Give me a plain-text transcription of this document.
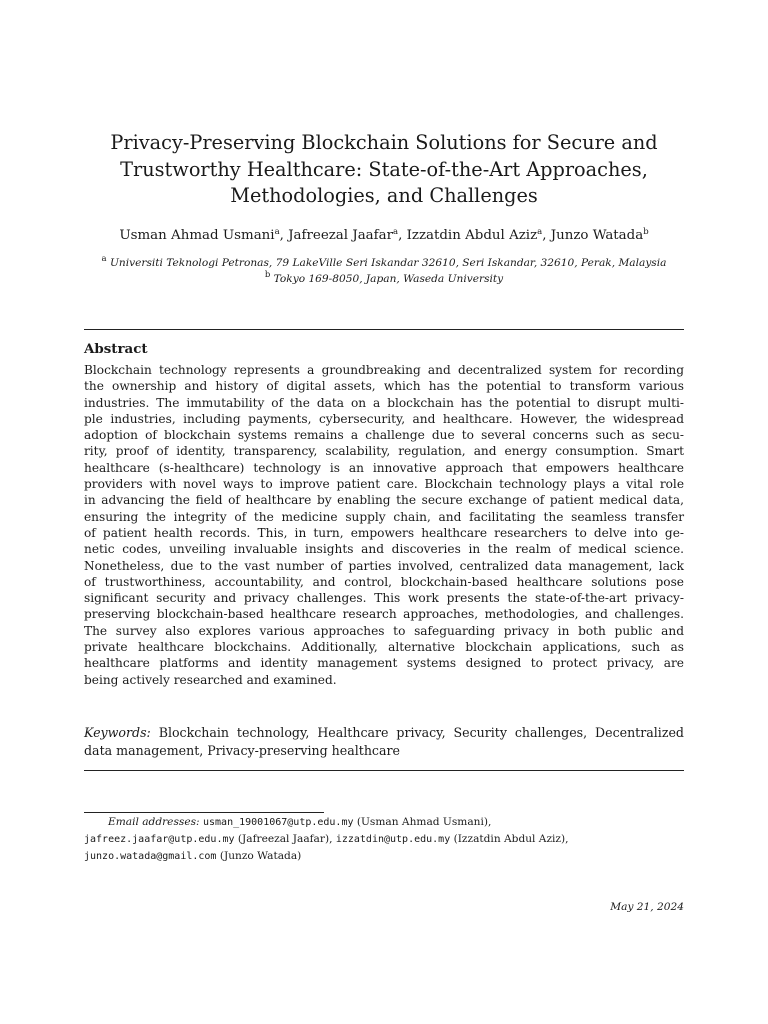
Privacy-Preserving Blockchain Solutions for Secure and
Trustworthy Healthcare: State-of-the-Art Approaches,
Methodologies, and Challenges
Usman Ahmad Usmani$^a$, Jafreezal Jaafar$^a$, Izzatdin Abdul Aziz$^a$, Junzo Watada$^b$
$^a$ Universiti Teknologi Petronas, 79 LakeVille Seri Iskandar 32610, Seri Iskandar, 32610, Perak, Malaysia
$^b$ Tokyo 169-8050, Japan, Waseda University
Abstract
Blockchain technology represents a groundbreaking and decentralized system for recording
the ownership and history of digital assets, which has the potential to transform various
industries. The immutability of the data on a blockchain has the potential to disrupt multi-
ple industries, including payments, cybersecurity, and healthcare. However, the widespread
adoption of blockchain systems remains a challenge due to several concerns such as secu-
rity, proof of identity, transparency, scalability, regulation, and energy consumption. Smart
healthcare (s-healthcare) technology is an innovative approach that empowers healthcare
providers with novel ways to improve patient care. Blockchain technology plays a vital role
in advancing the field of healthcare by enabling the secure exchange of patient medical data,
ensuring the integrity of the medicine supply chain, and facilitating the seamless transfer
of patient health records. This, in turn, empowers healthcare researchers to delve into ge-
netic codes, unveiling invaluable insights and discoveries in the realm of medical science.
Nonetheless, due to the vast number of parties involved, centralized data management, lack
of trustworthiness, accountability, and control, blockchain-based healthcare solutions pose
significant security and privacy challenges. This work presents the state-of-the-art privacy-
preserving blockchain-based healthcare research approaches, methodologies, and challenges.
The survey also explores various approaches to safeguarding privacy in both public and
private healthcare blockchains. Additionally, alternative blockchain applications, such as
healthcare platforms and identity management systems designed to protect privacy, are
being actively researched and examined.
Keywords: Blockchain technology, Healthcare privacy, Security challenges, Decentralized
data management, Privacy-preserving healthcare
Email addresses: usman_19001067@utp.edu.my (Usman Ahmad Usmani),
jafreez.jaafar@utp.edu.my (Jafreezal Jaafar), izzatdin@utp.edu.my (Izzatdin Abdul Aziz),
junzo.watada@gmail.com (Junzo Watada)
May 21, 2024
